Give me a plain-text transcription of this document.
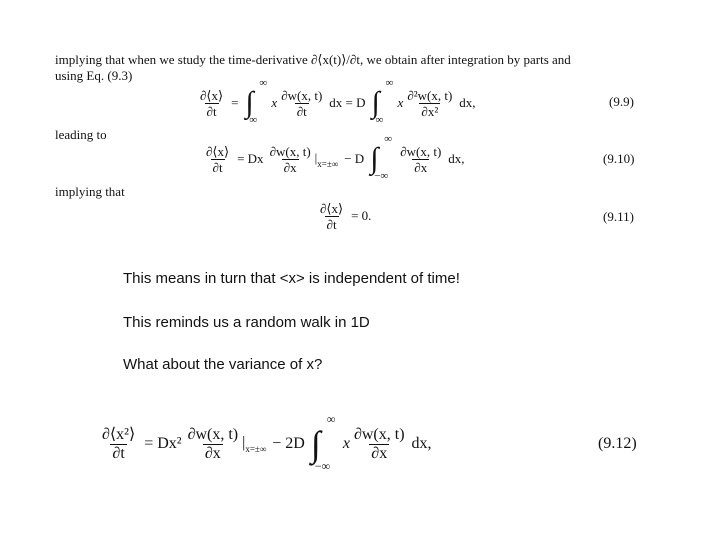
implying that when we study the time-derivative ∂⟨x(t)⟩/∂t, we obtain after integration by parts and
using Eq. (9.3)
$\frac{\partial⟨x⟩}{\partial t}$ = ∫
∞
∞
x $\frac{\partial w(x, t)}{\partial t}$ dx = D ∫
∞
∞
x $\frac{\text{∂²w(x, t)}}{\text{∂x²}}$ dx,	(9.9)
leading to
$\frac{\partial⟨x⟩}{\partial t} = Dx \frac{\partial w(x, t)}{\partial x} |_{x=\pm\infty} - D$ ∫
∞
−∞
$\frac{\partial w(x, t)}{\partial x}$ dx,	(9.10)
implying that
$\frac{\partial⟨x⟩}{\partial t} = 0$.	(9.11)
This means in turn that <x> is independent of time!
This reminds us a random walk in 1D
What about the variance of x?
$\frac{\text{∂⟨x²⟩}}{\partial t} = Dx^2 \frac{\partial w(x, t)}{\partial x} |_{x=\pm\infty} - 2D$ ∫
∞
−∞
x $\frac{\partial w(x, t)}{\partial x}$ dx,	(9.12)
